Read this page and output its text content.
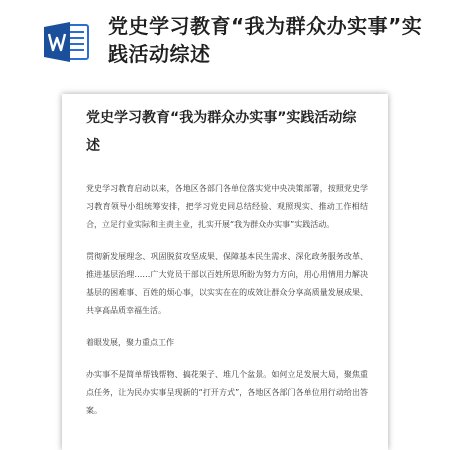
党史学习教育“我为群众办实事”实践活动综述
党史学习教育“我为群众办实事”实践活动综述

党史学习教育启动以来，各地区各部门各单位落实党中央决策部署，按照党史学习教育领导小组统筹安排，把学习党史同总结经验、观照现实、推动工作相结合，立足行业实际和主责主业，扎实开展“我为群众办实事”实践活动。

贯彻新发展理念、巩固脱贫攻坚成果、保障基本民生需求、深化政务服务改革、推进基层治理……广大党员干部以百姓所思所盼为努力方向，用心用情用力解决基层的困难事、百姓的烦心事，以实实在在的成效让群众分享高质量发展成果、共享高品质幸福生活。

着眼发展，聚力重点工作

办实事不是简单帮钱帮物、搞花架子、堆几个盆景。如何立足发展大局，聚焦重点任务，让为民办实事呈现新的“打开方式”，各地区各部门各单位用行动给出答案。
